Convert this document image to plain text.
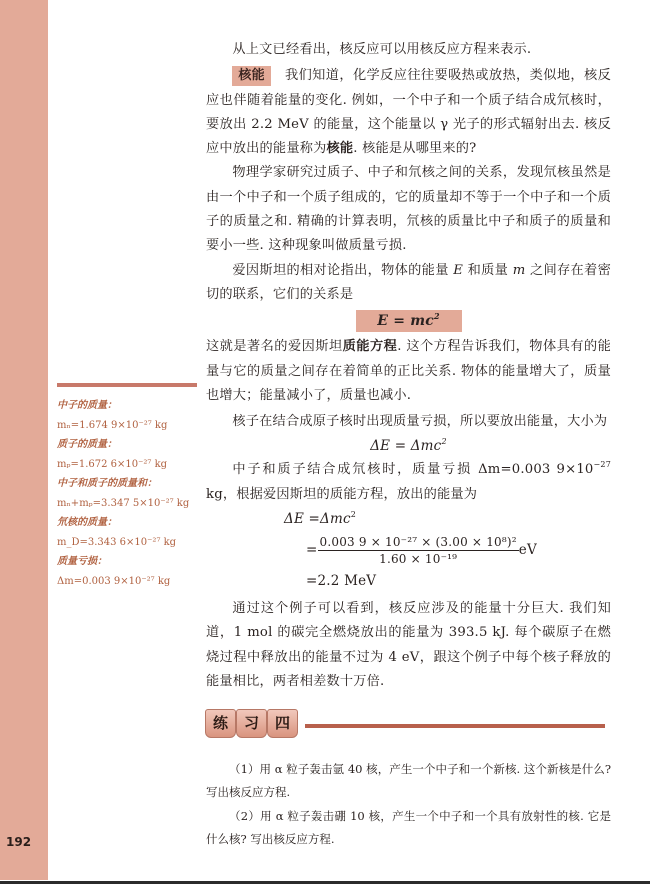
192

从上文已经看出，核反应可以用核反应方程来表示.

核能 我们知道，化学反应往往要吸热或放热，类似地，核反应也伴随着能量的变化. 例如，一个中子和一个质子结合成氘核时，要放出 2.2 MeV 的能量，这个能量以 γ 光子的形式辐射出去. 核反应中放出的能量称为核能. 核能是从哪里来的?

物理学家研究过质子、中子和氘核之间的关系，发现氘核虽然是由一个中子和一个质子组成的，它的质量却不等于一个中子和一个质子的质量之和. 精确的计算表明，氘核的质量比中子和质子的质量和要小一些. 这种现象叫做质量亏损.

爱因斯坦的相对论指出，物体的能量 E 和质量 m 之间存在着密切的联系，它们的关系是

$E = mc^2$

这就是著名的爱因斯坦质能方程. 这个方程告诉我们，物体具有的能量与它的质量之间存在着简单的正比关系. 物体的能量增大了，质量也增大；能量减小了，质量也减小.

核子在结合成原子核时出现质量亏损，所以要放出能量，大小为

ΔE = Δmc$^2$

中子和质子结合成氘核时，质量亏损 Δm=0.003 $9\times 10^{-27}$ kg，根据爱因斯坦的质能方程，放出的能量为

ΔE =Δmc$^2$
= $\frac{\text{0.003 9 × 10⁻²⁷ × (3.00 × 10⁸)²}}{\text{1.60 × 10⁻¹⁹}}$ eV
=2.2 MeV

通过这个例子可以看到，核反应涉及的能量十分巨大. 我们知道，1 mol 的碳完全燃烧放出的能量为 393.5 kJ. 每个碳原子在燃烧过程中释放出的能量不过为 4 eV，跟这个例子中每个核子释放的能量相比，两者相差数十万倍.

中子的质量：
mₙ=1.674 9×10⁻²⁷ kg
质子的质量：
mₚ=1.672 6×10⁻²⁷ kg
中子和质子的质量和：
mₙ+mₚ=3.347 5×10⁻²⁷ kg
氘核的质量：
m_D=3.343 6×10⁻²⁷ kg
质量亏损：
Δm=0.003 9×10⁻²⁷ kg
练	习	四

（1）用 α 粒子轰击氩 40 核，产生一个中子和一个新核. 这个新核是什么? 写出核反应方程.

（2）用 α 粒子轰击硼 10 核，产生一个中子和一个具有放射性的核. 它是什么核? 写出核反应方程.
